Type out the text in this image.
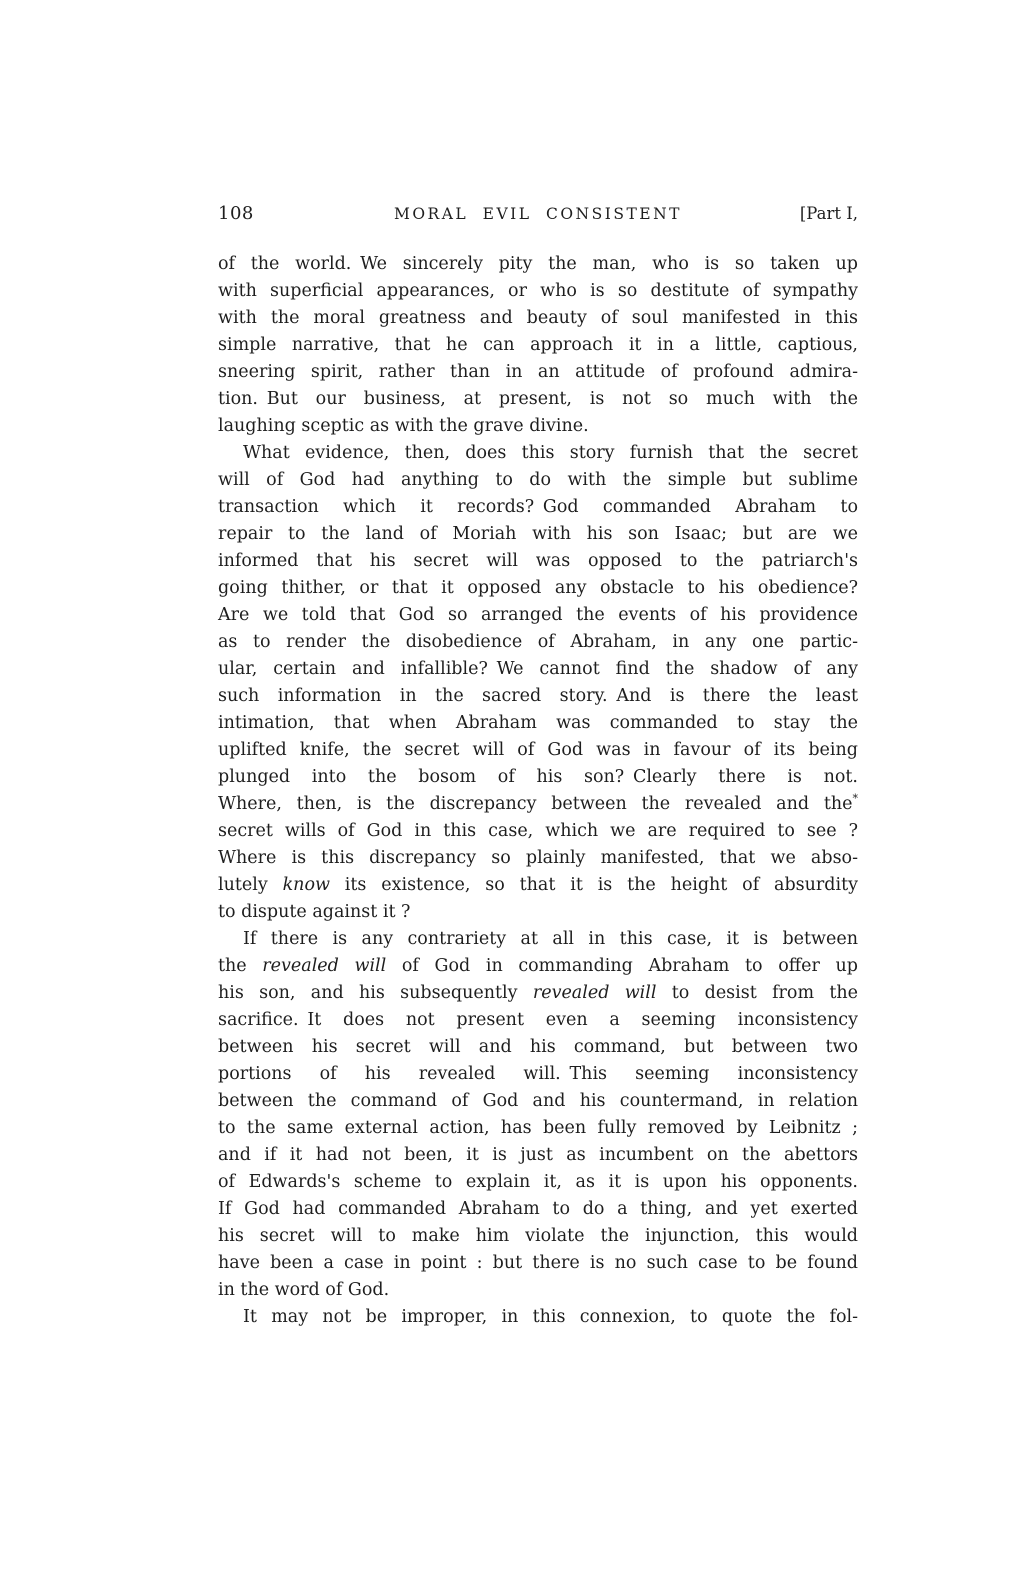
108	MORAL EVIL CONSISTENT	[Part I,
of the world. We sincerely pity the man, who is so taken up
with superficial appearances, or who is so destitute of sympathy
with the moral greatness and beauty of soul manifested in this
simple narrative, that he can approach it in a little, captious,
sneering spirit, rather than in an attitude of profound admira-
tion. But our business, at present, is not so much with the
laughing sceptic as with the grave divine.
What evidence, then, does this story furnish that the secret
will of God had anything to do with the simple but sublime
transaction which it records? God commanded Abraham to
repair to the land of Moriah with his son Isaac; but are we
informed that his secret will was opposed to the patriarch's
going thither, or that it opposed any obstacle to his obedience?
Are we told that God so arranged the events of his providence
as to render the disobedience of Abraham, in any one partic-
ular, certain and infallible? We cannot find the shadow of any
such information in the sacred story. And is there the least
intimation, that when Abraham was commanded to stay the
uplifted knife, the secret will of God was in favour of its being
plunged into the bosom of his son? Clearly there is not.
Where, then, is the discrepancy between the revealed and the*
secret wills of God in this case, which we are required to see ?
Where is this discrepancy so plainly manifested, that we abso-
lutely know its existence, so that it is the height of absurdity
to dispute against it ?
If there is any contrariety at all in this case, it is between
the revealed will of God in commanding Abraham to offer up
his son, and his subsequently revealed will to desist from the
sacrifice. It does not present even a seeming inconsistency
between his secret will and his command, but between two
portions of his revealed will. This seeming inconsistency
between the command of God and his countermand, in relation
to the same external action, has been fully removed by Leibnitz ;
and if it had not been, it is just as incumbent on the abettors
of Edwards's scheme to explain it, as it is upon his opponents.
If God had commanded Abraham to do a thing, and yet exerted
his secret will to make him violate the injunction, this would
have been a case in point : but there is no such case to be found
in the word of God.
It may not be improper, in this connexion, to quote the fol-
